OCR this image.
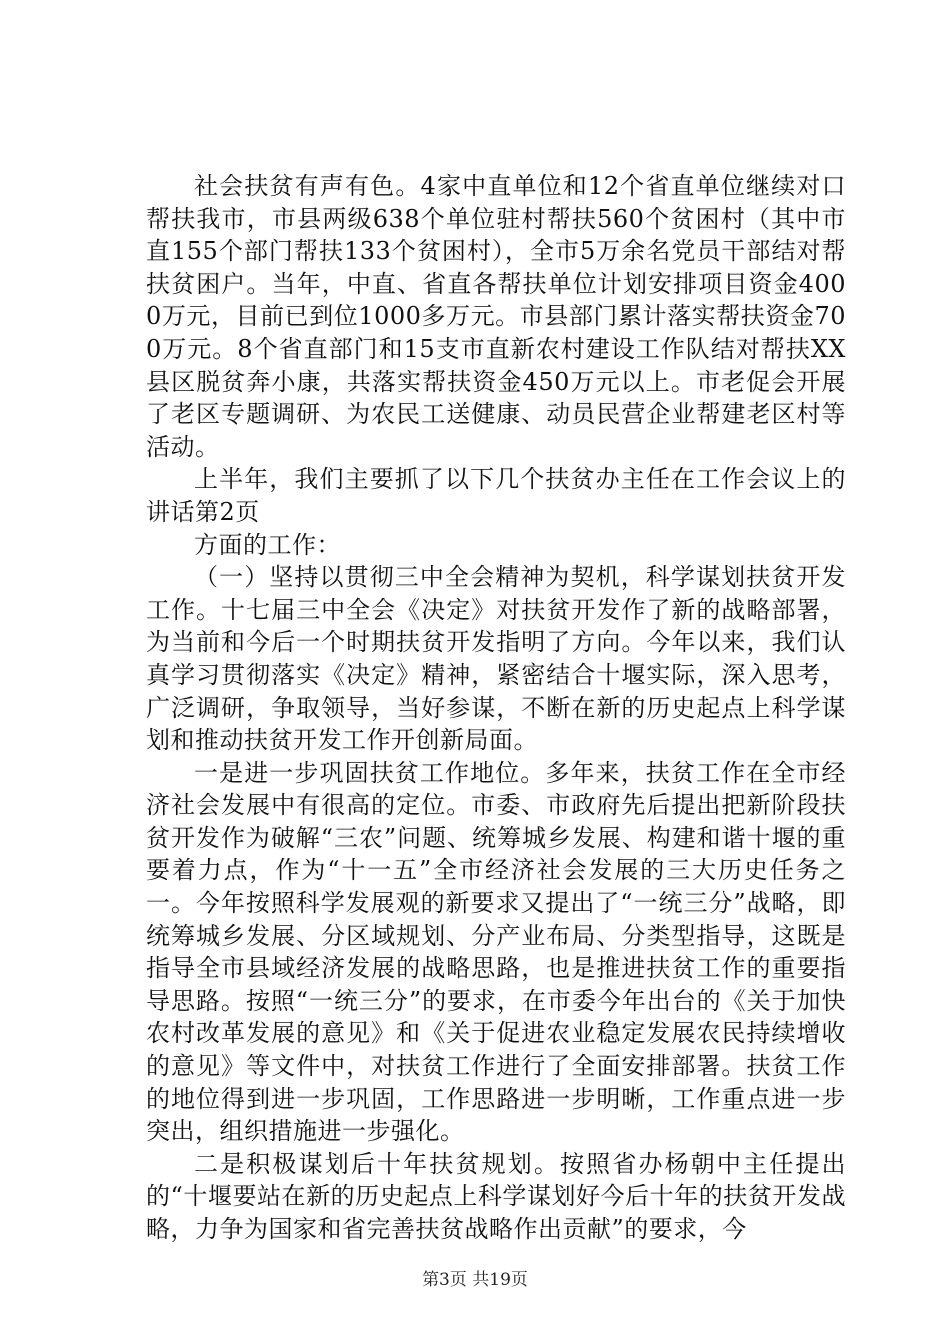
社会扶贫有声有色。4家中直单位和12个省直单位继续对口帮扶我市，市县两级638个单位驻村帮扶560个贫困村（其中市直155个部门帮扶133个贫困村），全市5万余名党员干部结对帮扶贫困户。当年，中直、省直各帮扶单位计划安排项目资金4000万元，目前已到位1000多万元。市县部门累计落实帮扶资金700万元。8个省直部门和15支市直新农村建设工作队结对帮扶XX县区脱贫奔小康，共落实帮扶资金450万元以上。市老促会开展了老区专题调研、为农民工送健康、动员民营企业帮建老区村等活动。

上半年，我们主要抓了以下几个扶贫办主任在工作会议上的讲话第2页

方面的工作：

（一）坚持以贯彻三中全会精神为契机，科学谋划扶贫开发工作。十七届三中全会《决定》对扶贫开发作了新的战略部署，为当前和今后一个时期扶贫开发指明了方向。今年以来，我们认真学习贯彻落实《决定》精神，紧密结合十堰实际，深入思考，广泛调研，争取领导，当好参谋，不断在新的历史起点上科学谋划和推动扶贫开发工作开创新局面。

一是进一步巩固扶贫工作地位。多年来，扶贫工作在全市经济社会发展中有很高的定位。市委、市政府先后提出把新阶段扶贫开发作为破解“三农”问题、统筹城乡发展、构建和谐十堰的重要着力点，作为“十一五”全市经济社会发展的三大历史任务之一。今年按照科学发展观的新要求又提出了“一统三分”战略，即统筹城乡发展、分区域规划、分产业布局、分类型指导，这既是指导全市县域经济发展的战略思路，也是推进扶贫工作的重要指导思路。按照“一统三分”的要求，在市委今年出台的《关于加快农村改革发展的意见》和《关于促进农业稳定发展农民持续增收的意见》等文件中，对扶贫工作进行了全面安排部署。扶贫工作的地位得到进一步巩固，工作思路进一步明晰，工作重点进一步突出，组织措施进一步强化。

二是积极谋划后十年扶贫规划。按照省办杨朝中主任提出的“十堰要站在新的历史起点上科学谋划好今后十年的扶贫开发战略，力争为国家和省完善扶贫战略作出贡献”的要求，今

第3页 共19页
